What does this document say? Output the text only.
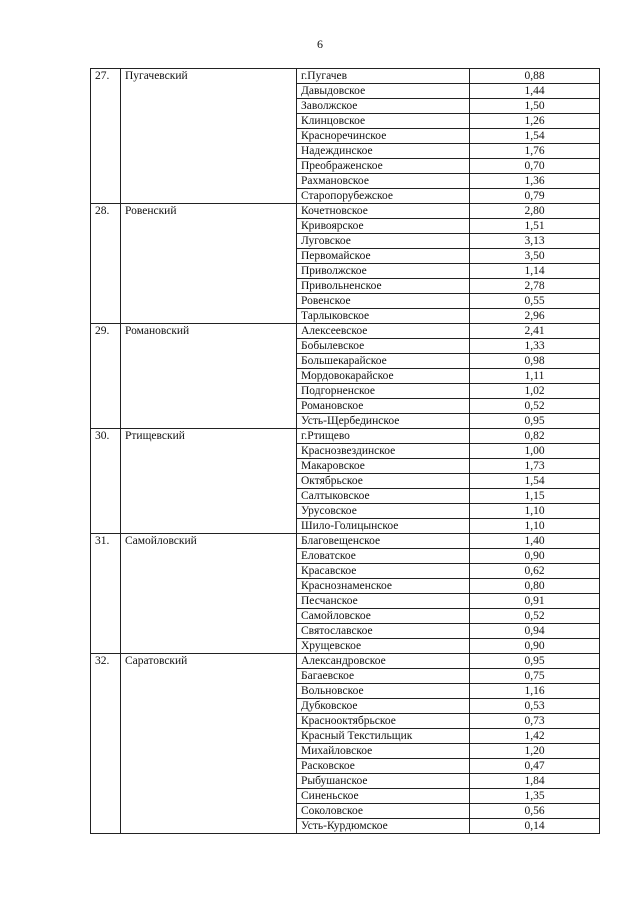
6
27.	Пугачевский	г.Пугачев	0,88
		Давыдовское	1,44
		Заволжское	1,50
		Клинцовское	1,26
		Красноречинское	1,54
		Надеждинское	1,76
		Преображенское	0,70
		Рахмановское	1,36
		Старопорубежское	0,79
28.	Ровенский	Кочетновское	2,80
		Кривоярское	1,51
		Луговское	3,13
		Первомайское	3,50
		Приволжское	1,14
		Привольненское	2,78
		Ровенское	0,55
		Тарлыковское	2,96
29.	Романовский	Алексеевское	2,41
		Бобылевское	1,33
		Большекарайское	0,98
		Мордовокарайское	1,11
		Подгорненское	1,02
		Романовское	0,52
		Усть-Щербединское	0,95
30.	Ртищевский	г.Ртищево	0,82
		Краснозвездинское	1,00
		Макаровское	1,73
		Октябрьское	1,54
		Салтыковское	1,15
		Урусовское	1,10
		Шило-Голицынское	1,10
31.	Самойловский	Благовещенское	1,40
		Еловатское	0,90
		Красавское	0,62
		Краснознаменское	0,80
		Песчанское	0,91
		Самойловское	0,52
		Святославское	0,94
		Хрущевское	0,90
32.	Саратовский	Александровское	0,95
		Багаевское	0,75
		Вольновское	1,16
		Дубковское	0,53
		Краснооктябрьское	0,73
		Красный Текстильщик	1,42
		Михайловское	1,20
		Расковское	0,47
		Рыбушанское	1,84
		Синеньское	1,35
		Соколовское	0,56
		Усть-Курдюмское	0,14
